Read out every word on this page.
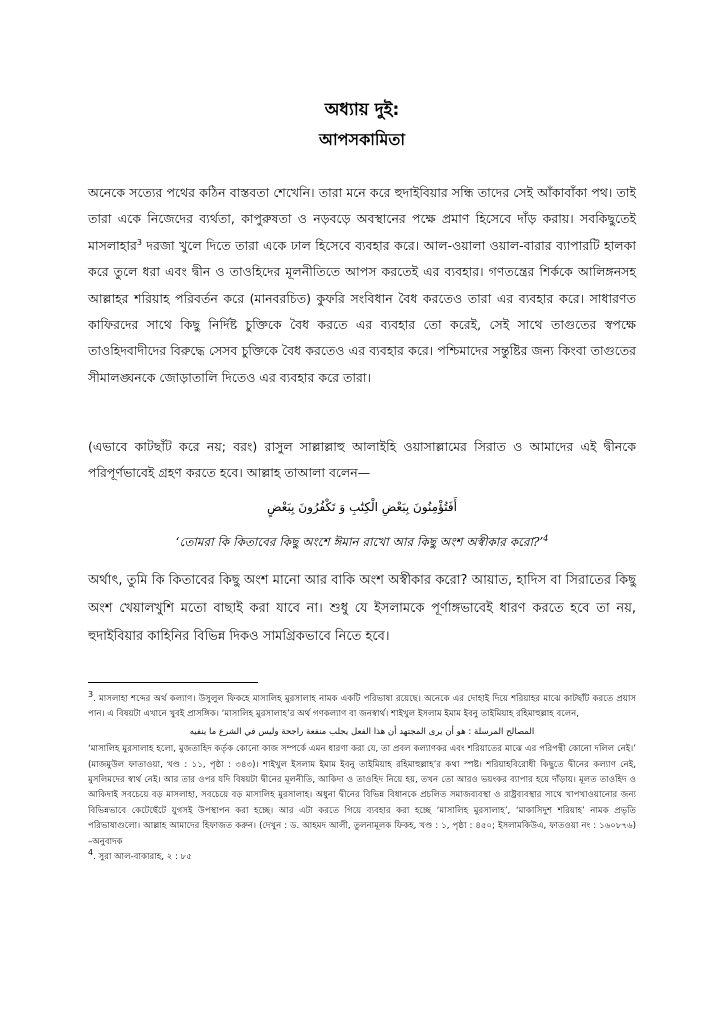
অধ্যায় দুই:

আপসকামিতা

অনেকে সত্যের পথের কঠিন বাস্তবতা শেখেনি। তারা মনে করে হুদাইবিয়ার সন্ধি তাদের সেই আঁকাবাঁকা পথ। তাই তারা একে নিজেদের ব্যর্থতা, কাপুরুষতা ও নড়বড়ে অবস্থানের পক্ষে প্রমাণ হিসেবে দাঁড় করায়। সবকিছুতেই মাসলাহার$^3$ দরজা খুলে দিতে তারা একে ঢাল হিসেবে ব্যবহার করে। আল-ওয়ালা ওয়াল-বারার ব্যাপারটি হালকা করে তুলে ধরা এবং দ্বীন ও তাওহিদের মূলনীতিতে আপস করতেই এর ব্যবহার। গণতন্ত্রের শির্ককে আলিঙ্গনসহ আল্লাহর শরিয়াহ পরিবর্তন করে (মানবরচিত) কুফরি সংবিধান বৈধ করতেও তারা এর ব্যবহার করে। সাধারণত কাফিরদের সাথে কিছু নির্দিষ্ট চুক্তিকে বৈধ করতে এর ব্যবহার তো করেই, সেই সাথে তাগুতের স্বপক্ষে তাওহিদবাদীদের বিরুদ্ধে সেসব চুক্তিকে বৈধ করতেও এর ব্যবহার করে। পশ্চিমাদের সন্তুষ্টির জন্য কিংবা তাগুতের সীমালঙ্ঘনকে জোড়াতালি দিতেও এর ব্যবহার করে তারা।

(এভাবে কাটছাঁট করে নয়; বরং) রাসুল সাল্লাল্লাহু আলাইহি ওয়াসাল্লামের সিরাত ও আমাদের এই দ্বীনকে পরিপূর্ণভাবেই গ্রহণ করতে হবে। আল্লাহ তাআলা বলেন—

أَفَتُؤْمِنُونَ بِبَعْضِ الْكِتَٰبِ وَ تَكْفُرُونَ بِبَعْضٍ
‘তোমরা কি কিতাবের কিছু অংশে ঈমান রাখো আর কিছু অংশ অস্বীকার করো?’$^4$

অর্থাৎ, তুমি কি কিতাবের কিছু অংশ মানো আর বাকি অংশ অস্বীকার করো? আয়াত, হাদিস বা সিরাতের কিছু অংশ খেয়ালখুশি মতো বাছাই করা যাবে না। শুধু যে ইসলামকে পূর্ণাঙ্গভাবেই ধারণ করতে হবে তা নয়, হুদাইবিয়ার কাহিনির বিভিন্ন দিকও সামগ্রিকভাবে নিতে হবে।

$^3$. মাসলাহা শব্দের অর্থ কল্যাণ। উসুলুল ফিকহে মাসালিহ মুরসালাহ নামক একটি পরিভাষা রয়েছে। অনেকে এর দোহাই দিয়ে শরিয়াহর মাঝে কাটছাঁট করতে প্রয়াস পান। এ বিষয়টা এখানে খুবই প্রাসঙ্গিক। ‘মাসালিহ মুরসালাহ’র অর্থ গণকল্যাণ বা জনস্বার্থ। শাইখুল ইসলাম ইমাম ইবনু তাইমিয়াহ রহিমাহুল্লাহ বলেন,

المصالح المرسلة : هو أن يرى المجتهد أن هذا الفعل يجلب منفعة راجحة وليس في الشرع ما ينفيه

‘মাসালিহ মুরসালাহ হলো, মুজতাহিদ কর্তৃক কোনো কাজ সম্পর্কে এমন ধারণা করা যে, তা প্রবল কল্যাণকর এবং শরিয়াতের মাঝে এর পরিপন্থী কোনো দলিল নেই।’ (মাজমুউল ফাতাওয়া, খণ্ড : ১১, পৃষ্ঠা : ৩৪৩)। শাইখুল ইসলাম ইমাম ইবনু তাইমিয়াহ রহিমাহুল্লাহ’র কথা স্পষ্ট। শরিয়াহবিরোধী কিছুতে দ্বীনের কল্যাণ নেই, মুসলিমদের স্বার্থ নেই। আর তার ওপর যদি বিষয়টা দ্বীনের মূলনীতি, আকিদা ও তাওহিদ নিয়ে হয়, তখন তো আরও ভয়ংকর ব্যাপার হয়ে দাঁড়ায়। মূলত তাওহিদ ও আকিদাই সবচেয়ে বড় মাসলাহা, সবচেয়ে বড় মাসালিহ মুরসালাহ। অধুনা দ্বীনের বিভিন্ন বিধানকে প্রচলিত সমাজব্যবস্থা ও রাষ্ট্রব্যবস্থার সাথে খাপখাওয়ানোর জন্য বিভিন্নভাবে কেটেছেঁটে যুগসই উপস্থাপন করা হচ্ছে। আর এটা করতে গিয়ে ব্যবহার করা হচ্ছে ‘মাসালিহ মুরসালাহ’, ‘মাকাসিদুশ শরিয়াহ’ নামক প্রভৃতি পরিভাষাগুলো। আল্লাহ আমাদের হিফাজত করুন। (দেখুন : ড. আহমদ আলী, তুলনামূলক ফিকহ, খণ্ড : ১, পৃষ্ঠা : ৪৫০; ইসলামকিউএ, ফাতওয়া নং : ১৬০৮৭৬) –অনুবাদক

$^4$. সুরা আল-বাকারাহ, ২ : ৮৫
